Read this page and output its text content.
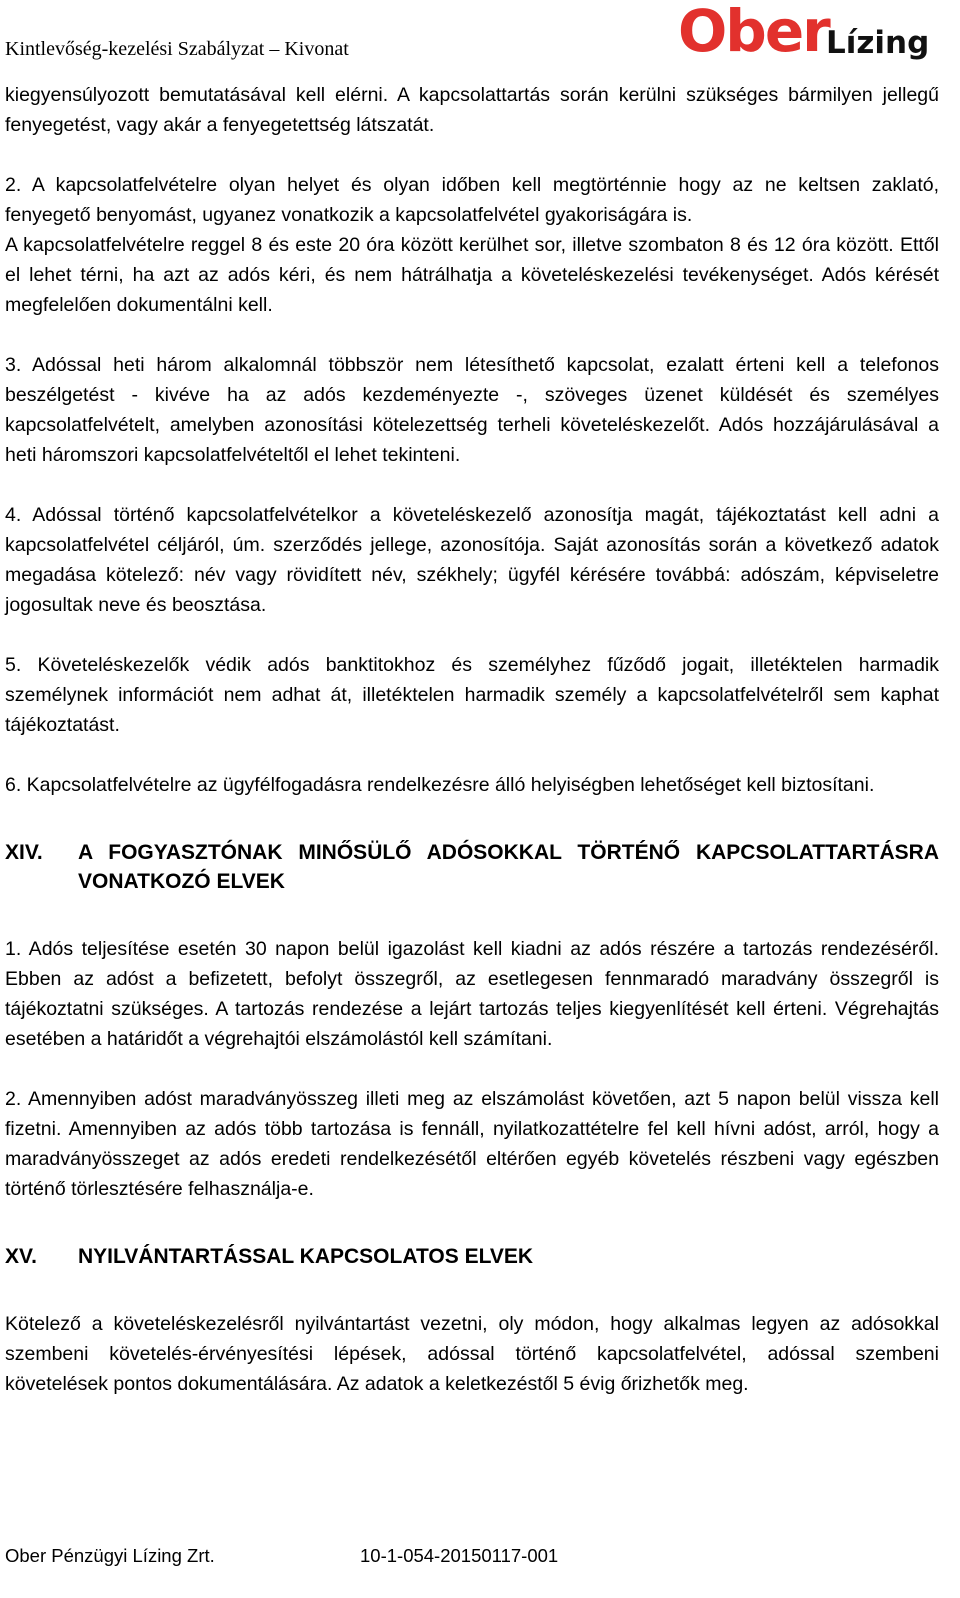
Kintlevőség-kezelési Szabályzat – Kivonat	Ober
Lízing

kiegyensúlyozott bemutatásával kell elérni. A kapcsolattartás során kerülni szükséges bármilyen jellegű fenyegetést, vagy akár a fenyegetettség látszatát.

2. A kapcsolatfelvételre olyan helyet és olyan időben kell megtörténnie hogy az ne keltsen zaklató, fenyegető benyomást, ugyanez vonatkozik a kapcsolatfelvétel gyakoriságára is.

A kapcsolatfelvételre reggel 8 és este 20 óra között kerülhet sor, illetve szombaton 8 és 12 óra között. Ettől el lehet térni, ha azt az adós kéri, és nem hátrálhatja a követeléskezelési tevékenységet. Adós kérését megfelelően dokumentálni kell.

3. Adóssal heti három alkalomnál többször nem létesíthető kapcsolat, ezalatt érteni kell a telefonos beszélgetést - kivéve ha az adós kezdeményezte -, szöveges üzenet küldését és személyes kapcsolatfelvételt, amelyben azonosítási kötelezettség terheli követeléskezelőt. Adós hozzájárulásával a heti háromszori kapcsolatfelvételtől el lehet tekinteni.

4. Adóssal történő kapcsolatfelvételkor a követeléskezelő azonosítja magát, tájékoztatást kell adni a kapcsolatfelvétel céljáról, úm. szerződés jellege, azonosítója. Saját azonosítás során a következő adatok megadása kötelező: név vagy rövidített név, székhely; ügyfél kérésére továbbá: adószám, képviseletre jogosultak neve és beosztása.

5. Követeléskezelők védik adós banktitokhoz és személyhez fűződő jogait, illetéktelen harmadik személynek információt nem adhat át, illetéktelen harmadik személy a kapcsolatfelvételről sem kaphat tájékoztatást.

6. Kapcsolatfelvételre az ügyfélfogadásra rendelkezésre álló helyiségben lehetőséget kell biztosítani.

XIV.	A FOGYASZTÓNAK MINŐSÜLŐ ADÓSOKKAL TÖRTÉNŐ KAPCSOLATTARTÁSRA VONATKOZÓ ELVEK

1. Adós teljesítése esetén 30 napon belül igazolást kell kiadni az adós részére a tartozás rendezéséről. Ebben az adóst a befizetett, befolyt összegről, az esetlegesen fennmaradó maradvány összegről is tájékoztatni szükséges. A tartozás rendezése a lejárt tartozás teljes kiegyenlítését kell érteni. Végrehajtás esetében a határidőt a végrehajtói elszámolástól kell számítani.

2. Amennyiben adóst maradványösszeg illeti meg az elszámolást követően, azt 5 napon belül vissza kell fizetni. Amennyiben az adós több tartozása is fennáll, nyilatkozattételre fel kell hívni adóst, arról, hogy a maradványösszeget az adós eredeti rendelkezésétől eltérően egyéb követelés részbeni vagy egészben történő törlesztésére felhasználja-e.

XV.	NYILVÁNTARTÁSSAL KAPCSOLATOS ELVEK

Kötelező a követeléskezelésről nyilvántartást vezetni, oly módon, hogy alkalmas legyen az adósokkal szembeni követelés-érvényesítési lépések, adóssal történő kapcsolatfelvétel, adóssal szembeni követelések pontos dokumentálására. Az adatok a keletkezéstől 5 évig őrizhetők meg.

Ober Pénzügyi Lízing Zrt.	10-1-054-20150117-001
